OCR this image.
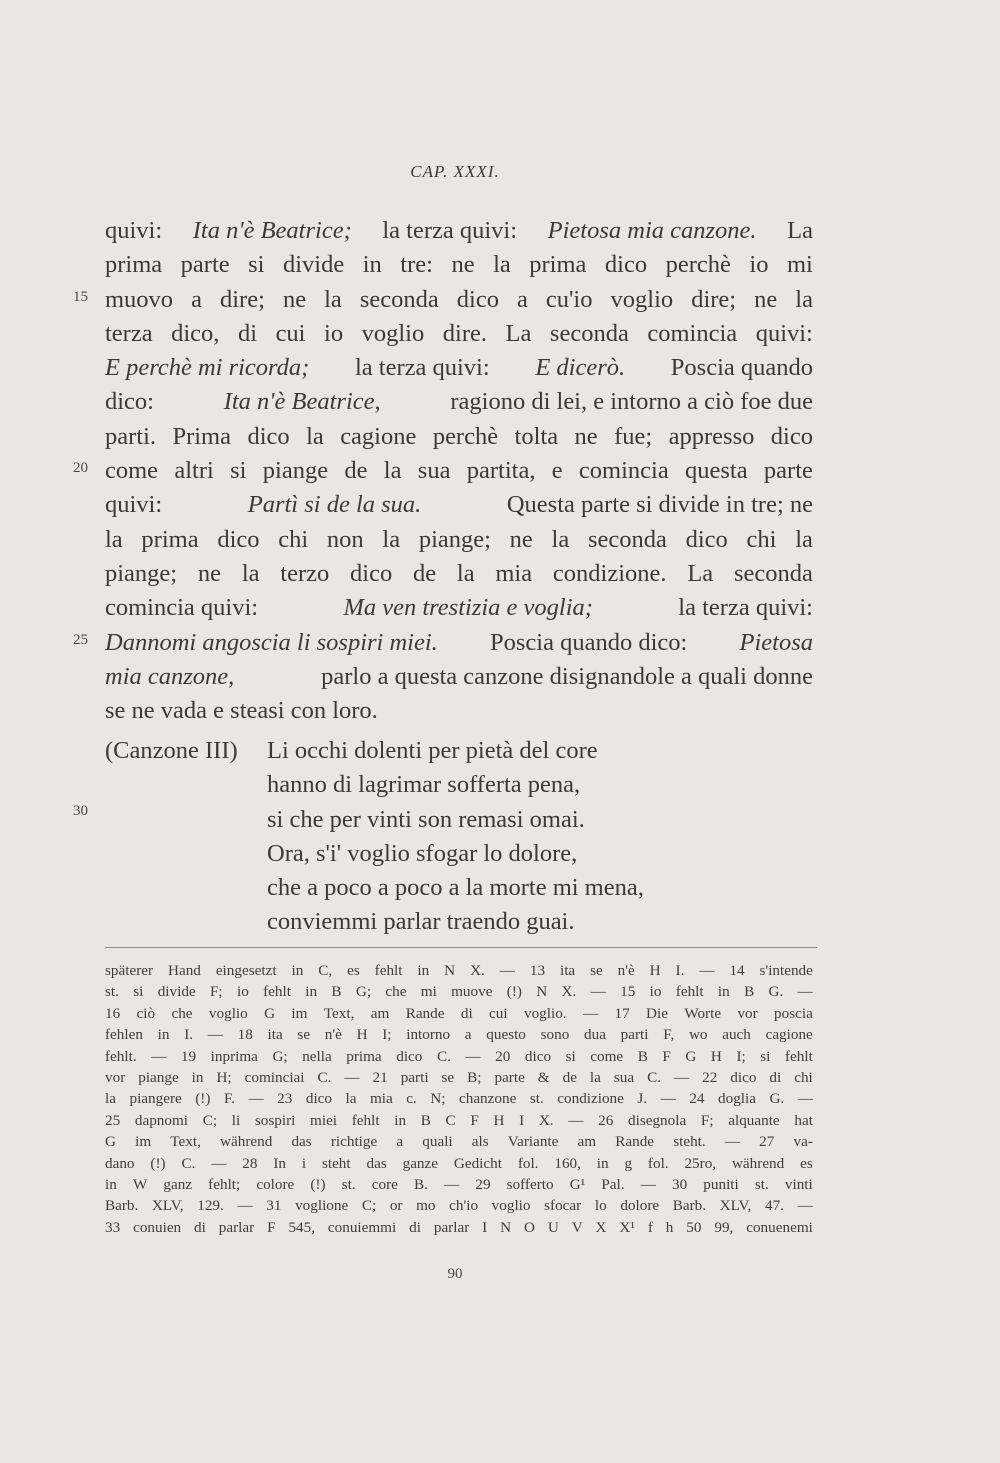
CAP. XXXI.
15
20
25
30
quivi: Ita n'è Beatrice; la terza quivi: Pietosa mia canzone. La
prima parte si divide in tre: ne la prima dico perchè io mi
muovo a dire; ne la seconda dico a cu'io voglio dire; ne la
terza dico, di cui io voglio dire. La seconda comincia quivi:
E perchè mi ricorda; la terza quivi: E dicerò. Poscia quando
dico:	Ita n'è Beatrice,	ragiono di lei, e intorno a ciò foe due
parti. Prima dico la cagione perchè tolta ne fue; appresso dico
come altri si piange de la sua partita, e comincia questa parte
quivi:	Partì si de la sua.	Questa parte si divide in tre; ne
la prima dico chi non la piange; ne la seconda dico chi la
piange; ne la terzo dico de la mia condizione. La seconda
comincia quivi:	Ma ven trestizia e voglia;	la terza quivi:
Dannomi angoscia li sospiri miei. Poscia quando dico: Pietosa
mia canzone,	parlo a questa canzone disignandole a quali donne
se ne vada e steasi con loro.
(Canzone III) Li occhi dolenti per pietà del core
hanno di lagrimar sofferta pena,
si che per vinti son remasi omai.
Ora, s'i' voglio sfogar lo dolore,
che a poco a poco a la morte mi mena,
conviemmi parlar traendo guai.
späterer Hand eingesetzt in C, es fehlt in N X. — 13 ita se n'è H I. — 14 s'intende
st. si divide F; io fehlt in B G; che mi muove (!) N X. — 15 io fehlt in B G. —
16 ciò che voglio G im Text, am Rande di cui voglio. — 17 Die Worte vor poscia
fehlen in I. — 18 ita se n'è H I; intorno a questo sono dua parti F, wo auch cagione
fehlt. — 19 inprima G; nella prima dico C. — 20 dico si come B F G H I; si fehlt
vor piange in H; cominciai C. — 21 parti se B; parte & de la sua C. — 22 dico di chi
la piangere (!) F. — 23 dico la mia c. N; chanzone st. condizione J. — 24 doglia G. —
25 dapnomi C; li sospiri miei fehlt in B C F H I X. — 26 disegnola F; alquante hat
G im Text, während das richtige a quali als Variante am Rande steht. — 27 va-
dano (!) C. — 28 In i steht das ganze Gedicht fol. 160, in g fol. 25ro, während es
in W ganz fehlt; colore (!) st. core B. — 29 sofferto G¹ Pal. — 30 puniti st. vinti
Barb. XLV, 129. — 31 voglione C; or mo ch'io voglio sfocar lo dolore Barb. XLV, 47. —
33 conuien di parlar F 545, conuiemmi di parlar I N O U V X X¹ f h 50 99, conuenemi
90
